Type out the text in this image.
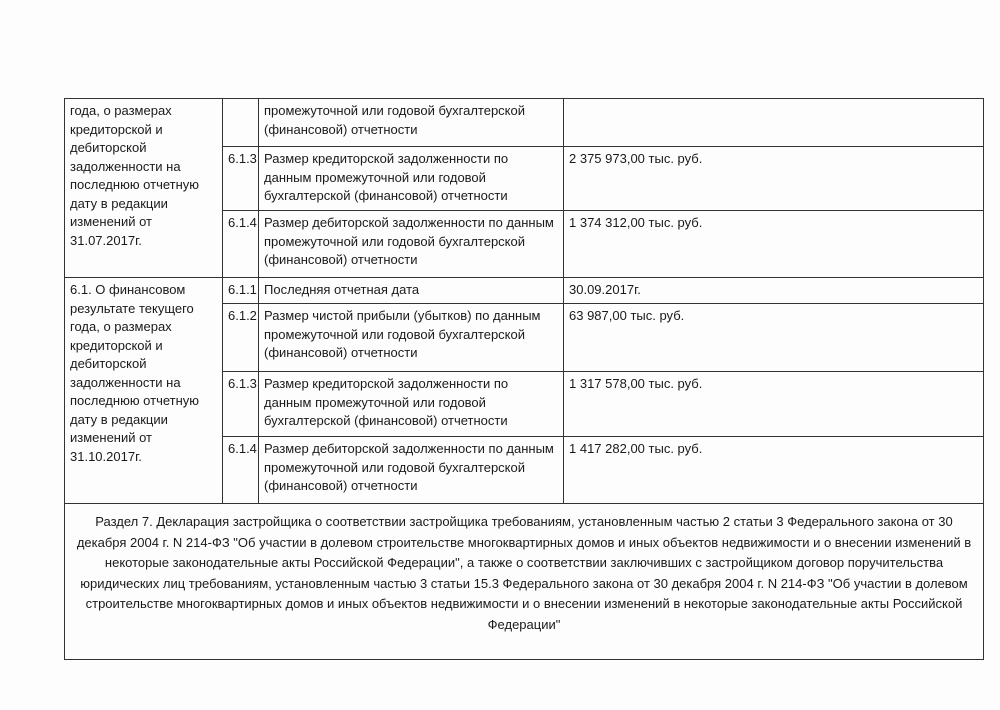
года, о размерах кредиторской и дебиторской задолженности на последнюю отчетную дату в редакции изменений от 31.07.2017г.		промежуточной или годовой бухгалтерской (финансовой) отчетности	
	6.1.3	Размер кредиторской задолженности по данным промежуточной или годовой бухгалтерской (финансовой) отчетности	2 375 973,00 тыс. руб.
	6.1.4	Размер дебиторской задолженности по данным промежуточной или годовой бухгалтерской (финансовой) отчетности	1 374 312,00 тыс. руб.
6.1. О финансовом результате текущего года, о размерах кредиторской и дебиторской задолженности на последнюю отчетную дату в редакции изменений от 31.10.2017г.	6.1.1	Последняя отчетная дата	30.09.2017г.
	6.1.2	Размер чистой прибыли (убытков) по данным промежуточной или годовой бухгалтерской (финансовой) отчетности	63 987,00 тыс. руб.
	6.1.3	Размер кредиторской задолженности по данным промежуточной или годовой бухгалтерской (финансовой) отчетности	1 317 578,00 тыс. руб.
	6.1.4	Размер дебиторской задолженности по данным промежуточной или годовой бухгалтерской (финансовой) отчетности	1 417 282,00 тыс. руб.
Раздел 7. Декларация застройщика о соответствии застройщика требованиям, установленным частью 2 статьи 3 Федерального закона от 30 декабря 2004 г. N 214-ФЗ "Об участии в долевом строительстве многоквартирных домов и иных объектов недвижимости и о внесении изменений в некоторые законодательные акты Российской Федерации", а также о соответствии заключивших с застройщиком договор поручительства юридических лиц требованиям, установленным частью 3 статьи 15.3 Федерального закона от 30 декабря 2004 г. N 214-ФЗ "Об участии в долевом строительстве многоквартирных домов и иных объектов недвижимости и о внесении изменений в некоторые законодательные акты Российской Федерации"			
